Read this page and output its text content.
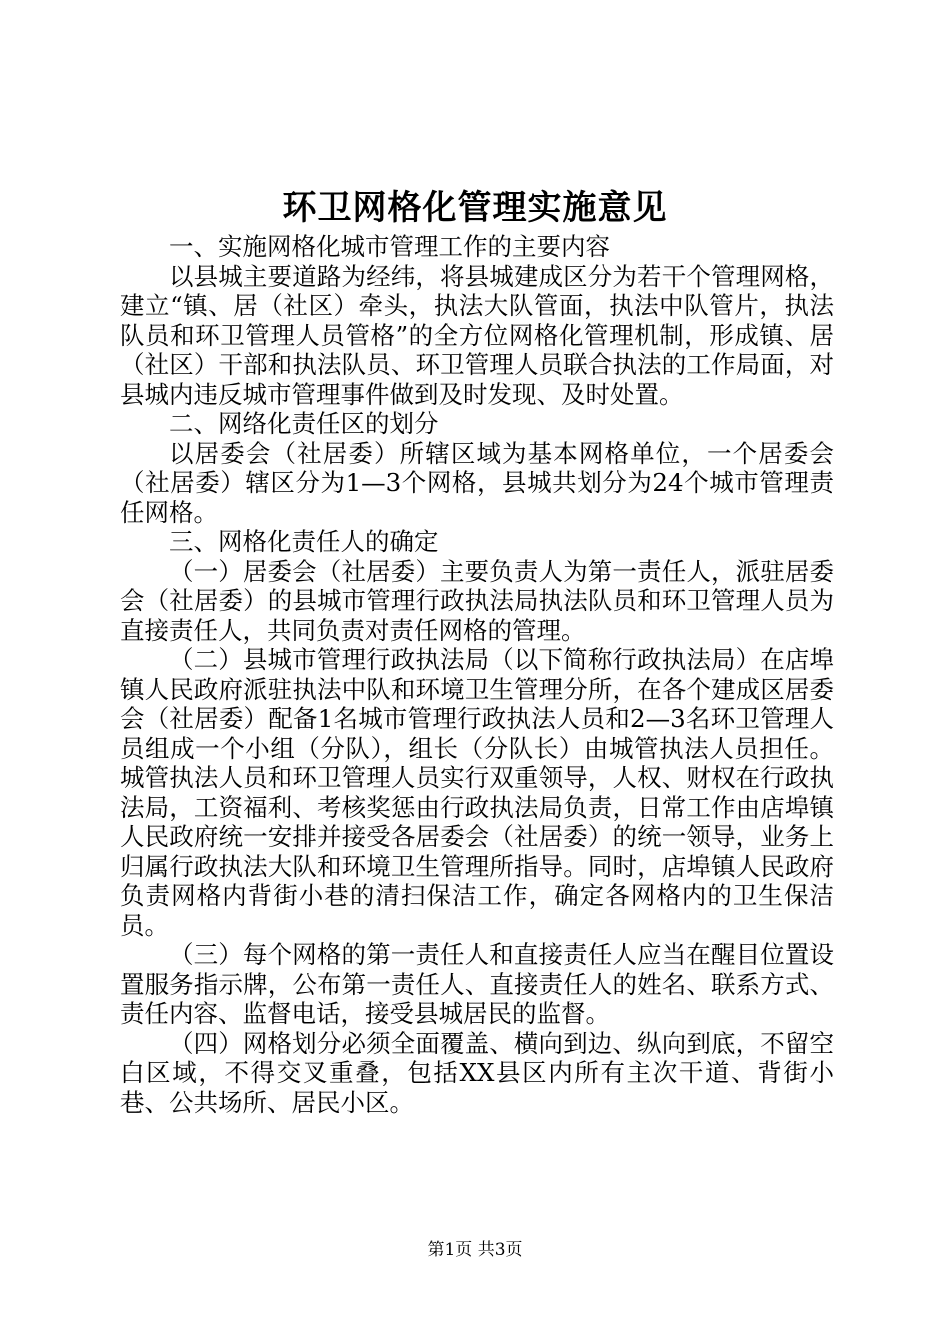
环卫网格化管理实施意见

一、实施网格化城市管理工作的主要内容

以县城主要道路为经纬，将县城建成区分为若干个管理网格，建立“镇、居（社区）牵头，执法大队管面，执法中队管片，执法队员和环卫管理人员管格”的全方位网格化管理机制，形成镇、居（社区）干部和执法队员、环卫管理人员联合执法的工作局面，对县城内违反城市管理事件做到及时发现、及时处置。

二、网络化责任区的划分

以居委会（社居委）所辖区域为基本网格单位，一个居委会（社居委）辖区分为1—3个网格，县城共划分为24个城市管理责任网格。

三、网格化责任人的确定

（一）居委会（社居委）主要负责人为第一责任人，派驻居委会（社居委）的县城市管理行政执法局执法队员和环卫管理人员为直接责任人，共同负责对责任网格的管理。

（二）县城市管理行政执法局（以下简称行政执法局）在店埠镇人民政府派驻执法中队和环境卫生管理分所，在各个建成区居委会（社居委）配备1名城市管理行政执法人员和2—3名环卫管理人员组成一个小组（分队），组长（分队长）由城管执法人员担任。城管执法人员和环卫管理人员实行双重领导，人权、财权在行政执法局，工资福利、考核奖惩由行政执法局负责，日常工作由店埠镇人民政府统一安排并接受各居委会（社居委）的统一领导，业务上归属行政执法大队和环境卫生管理所指导。同时，店埠镇人民政府负责网格内背街小巷的清扫保洁工作，确定各网格内的卫生保洁员。

（三）每个网格的第一责任人和直接责任人应当在醒目位置设置服务指示牌，公布第一责任人、直接责任人的姓名、联系方式、责任内容、监督电话，接受县城居民的监督。

（四）网格划分必须全面覆盖、横向到边、纵向到底，不留空白区域，不得交叉重叠，包括XX县区内所有主次干道、背街小巷、公共场所、居民小区。

第1页 共3页
